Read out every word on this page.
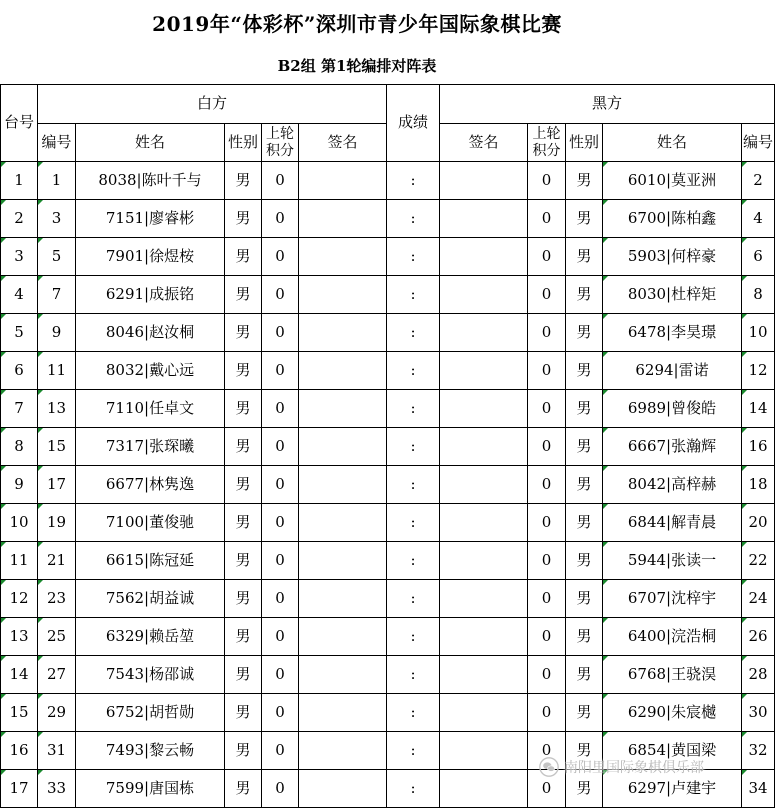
2019年“体彩杯”深圳市青少年国际象棋比赛
B2组 第1轮编排对阵表
台号	白方					成绩	黑方				
	编号	姓名	性别	上轮积分	签名		签名	上轮积分	性别	姓名	编号
1	1	8038|陈叶千与	男	0		:		0	男	6010|莫亚洲	2
2	3	7151|廖睿彬	男	0		:		0	男	6700|陈柏鑫	4
3	5	7901|徐煜桉	男	0		:		0	男	5903|何梓豪	6
4	7	6291|成振铭	男	0		:		0	男	8030|杜梓矩	8
5	9	8046|赵汝桐	男	0		:		0	男	6478|李昊璟	10
6	11	8032|戴心远	男	0		:		0	男	6294|雷诺	12
7	13	7110|任卓文	男	0		:		0	男	6989|曾俊皓	14
8	15	7317|张琛曦	男	0		:		0	男	6667|张瀚辉	16
9	17	6677|林隽逸	男	0		:		0	男	8042|高梓赫	18
10	19	7100|董俊驰	男	0		:		0	男	6844|解青晨	20
11	21	6615|陈冠延	男	0		:		0	男	5944|张读一	22
12	23	7562|胡益诚	男	0		:		0	男	6707|沈梓宇	24
13	25	6329|赖岳堃	男	0		:		0	男	6400|浣浩桐	26
14	27	7543|杨邵诚	男	0		:		0	男	6768|王骁淏	28
15	29	6752|胡哲勋	男	0		:		0	男	6290|朱宸樾	30
16	31	7493|黎云畅	男	0		:		0	男	6854|黄国梁	32
17	33	7599|唐国栋	男	0		:		0	男	6297|卢建宇	34
南阳里国际象棋俱乐部
